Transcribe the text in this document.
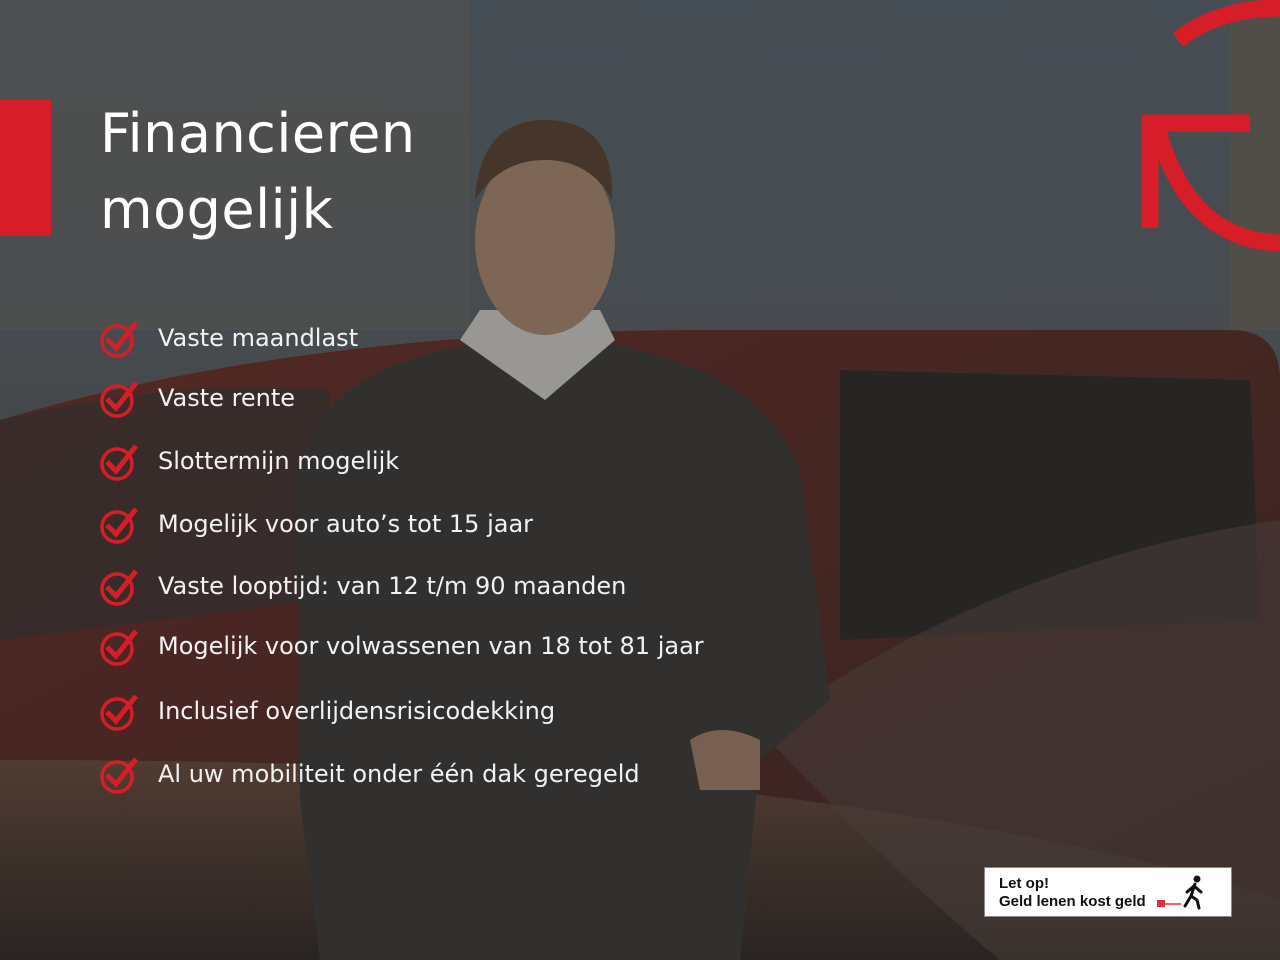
Financieren
mogelijk
Vaste maandlast
Vaste rente
Slottermijn mogelijk
Mogelijk voor auto’s tot 15 jaar
Vaste looptijd: van 12 t/m 90 maanden
Mogelijk voor volwassenen van 18 tot 81 jaar
Inclusief overlijdensrisicodekking
Al uw mobiliteit onder één dak geregeld
Let op!
Geld lenen kost geld
